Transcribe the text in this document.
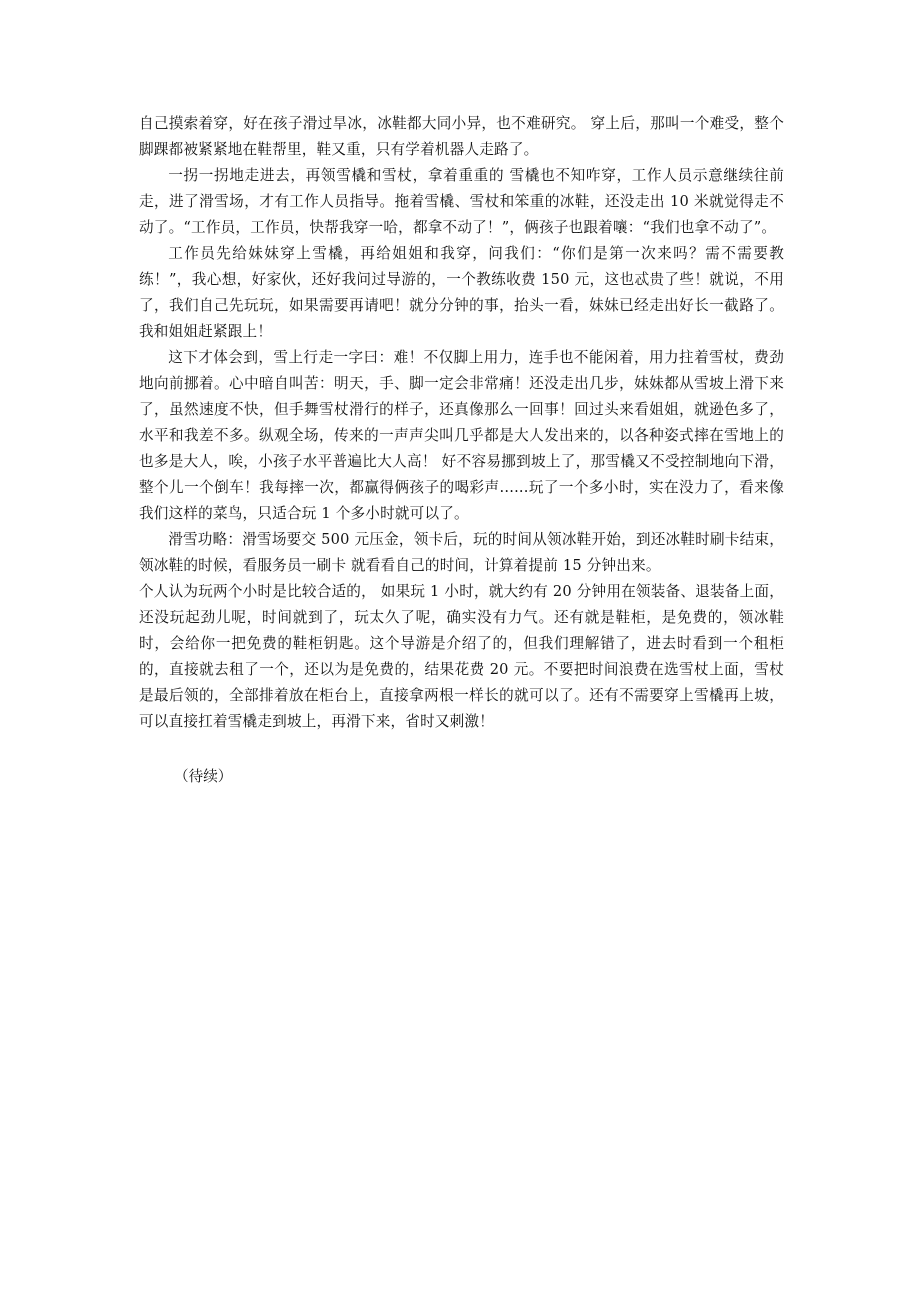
自己摸索着穿，好在孩子滑过旱冰，冰鞋都大同小异，也不难研究。 穿上后，那叫一个难受，整个脚踝都被紧紧地在鞋帮里，鞋又重，只有学着机器人走路了。

一拐一拐地走进去，再领雪橇和雪杖，拿着重重的 雪橇也不知咋穿，工作人员示意继续往前走，进了滑雪场，才有工作人员指导。拖着雪橇、雪杖和笨重的冰鞋，还没走出 10 米就觉得走不动了。“工作员，工作员，快帮我穿一哈，都拿不动了！”，俩孩子也跟着嚷：“我们也拿不动了”。

工作员先给妹妹穿上雪橇，再给姐姐和我穿，问我们：“你们是第一次来吗？需不需要教练！”，我心想，好家伙，还好我问过导游的，一个教练收费 150 元，这也忒贵了些！就说，不用了，我们自己先玩玩，如果需要再请吧！就分分钟的事，抬头一看，妹妹已经走出好长一截路了。我和姐姐赶紧跟上！

这下才体会到，雪上行走一字曰：难！不仅脚上用力，连手也不能闲着，用力拄着雪杖，费劲地向前挪着。心中暗自叫苦：明天，手、脚一定会非常痛！还没走出几步，妹妹都从雪坡上滑下来了，虽然速度不快，但手舞雪杖滑行的样子，还真像那么一回事！回过头来看姐姐，就逊色多了，水平和我差不多。纵观全场，传来的一声声尖叫几乎都是大人发出来的，以各种姿式摔在雪地上的也多是大人，唉，小孩子水平普遍比大人高！ 好不容易挪到坡上了，那雪橇又不受控制地向下滑，整个儿一个倒车！我每摔一次，都赢得俩孩子的喝彩声......玩了一个多小时，实在没力了，看来像我们这样的菜鸟，只适合玩 1 个多小时就可以了。

滑雪功略：滑雪场要交 500 元压金，领卡后，玩的时间从领冰鞋开始，到还冰鞋时刷卡结束，领冰鞋的时候，看服务员一刷卡 就看看自己的时间，计算着提前 15 分钟出来。

个人认为玩两个小时是比较合适的， 如果玩 1 小时，就大约有 20 分钟用在领装备、退装备上面，还没玩起劲儿呢，时间就到了，玩太久了呢，确实没有力气。还有就是鞋柜，是免费的，领冰鞋时，会给你一把免费的鞋柜钥匙。这个导游是介绍了的，但我们理解错了，进去时看到一个租柜的，直接就去租了一个，还以为是免费的，结果花费 20 元。不要把时间浪费在选雪杖上面，雪杖是最后领的，全部排着放在柜台上，直接拿两根一样长的就可以了。还有不需要穿上雪橇再上坡，可以直接扛着雪橇走到坡上，再滑下来，省时又刺激！

（待续）
